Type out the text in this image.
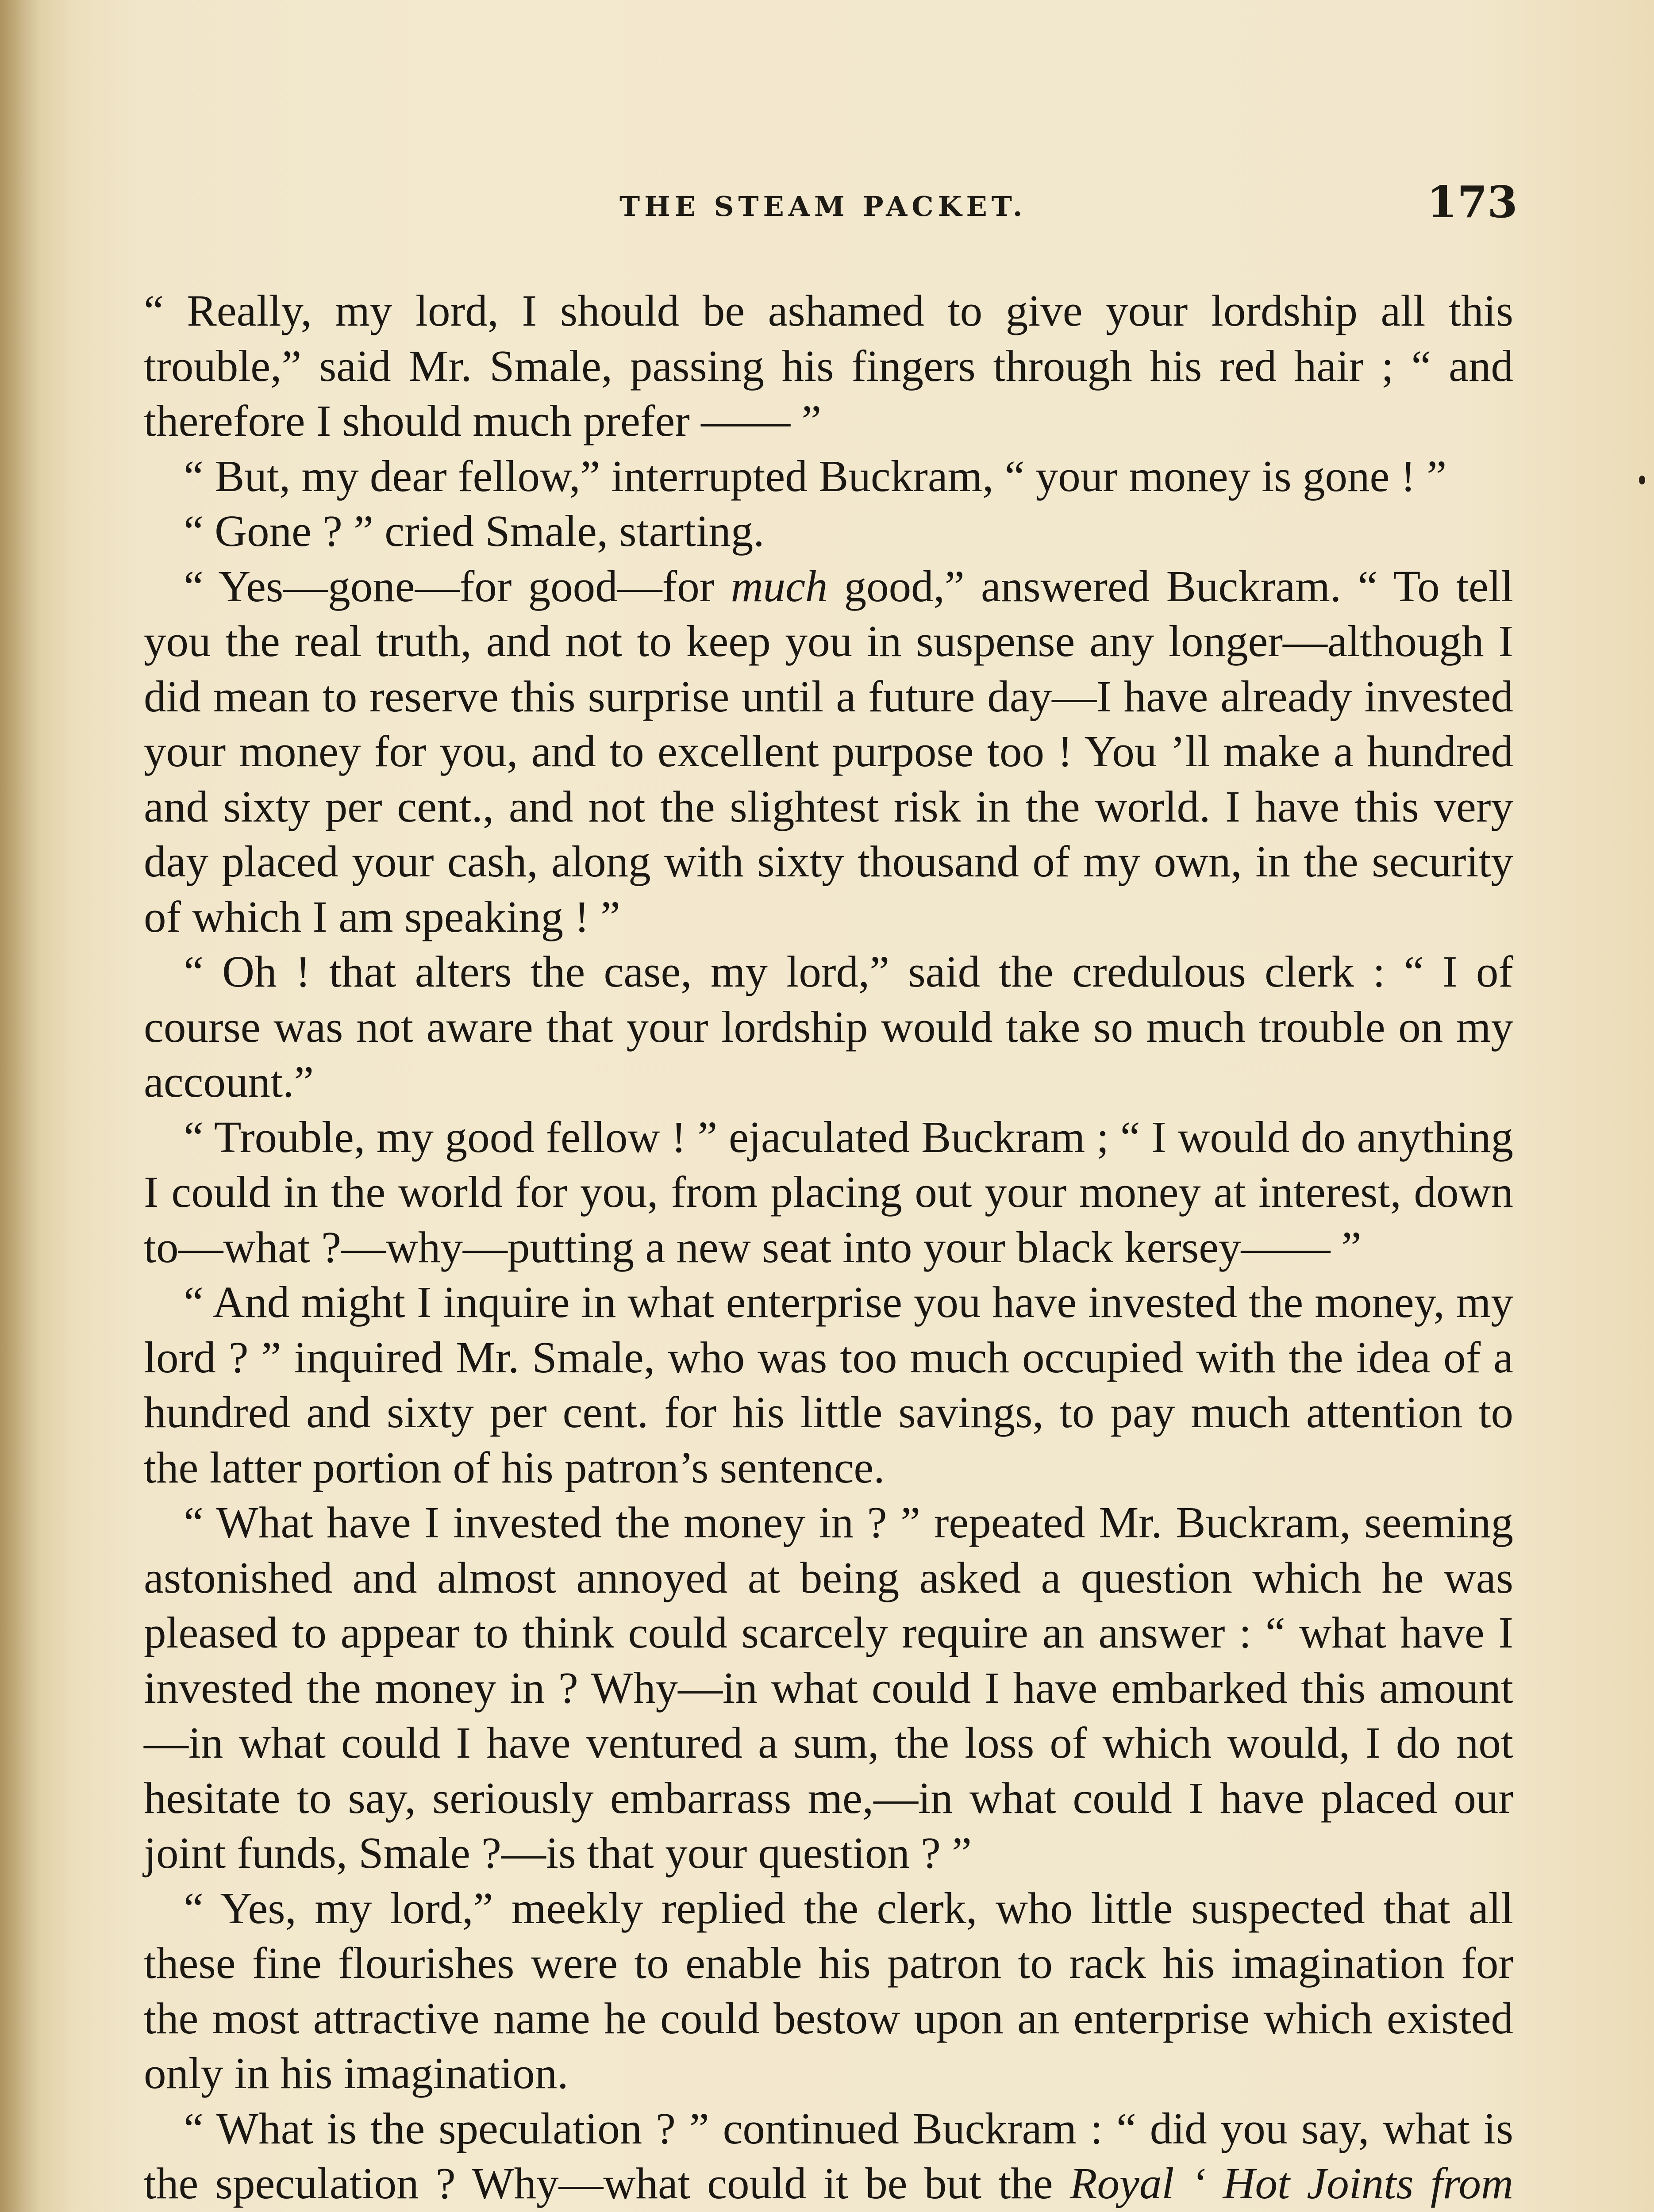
THE STEAM PACKET.	173

“ Really, my lord, I should be ashamed to give your lordship all this trouble,” said Mr. Smale, passing his fingers through his red hair ; “ and therefore I should much prefer —— ”

“ But, my dear fellow,” interrupted Buckram, “ your money is gone ! ”

“ Gone ? ” cried Smale, starting.

“ Yes—gone—for good—for much good,” answered Buckram. “ To tell you the real truth, and not to keep you in suspense any longer—although I did mean to reserve this surprise until a future day—I have already invested your money for you, and to excellent purpose too ! You ’ll make a hundred and sixty per cent., and not the slightest risk in the world. I have this very day placed your cash, along with sixty thousand of my own, in the security of which I am speaking ! ”

“ Oh ! that alters the case, my lord,” said the credulous clerk : “ I of course was not aware that your lordship would take so much trouble on my account.”

“ Trouble, my good fellow ! ” ejaculated Buckram ; “ I would do anything I could in the world for you, from placing out your money at interest, down to—what ?—why—putting a new seat into your black kersey—— ”

“ And might I inquire in what enterprise you have invested the money, my lord ? ” inquired Mr. Smale, who was too much occupied with the idea of a hundred and sixty per cent. for his little savings, to pay much attention to the latter portion of his patron’s sentence.

“ What have I invested the money in ? ” repeated Mr. Buckram, seeming astonished and almost annoyed at being asked a question which he was pleased to appear to think could scarcely require an answer : “ what have I invested the money in ? Why—in what could I have embarked this amount—in what could I have ventured a sum, the loss of which would, I do not hesitate to say, seriously embarrass me,—in what could I have placed our joint funds, Smale ?—is that your question ? ”

“ Yes, my lord,” meekly replied the clerk, who little suspected that all these fine flourishes were to enable his patron to rack his imagination for the most attractive name he could bestow upon an enterprise which existed only in his imagination.

“ What is the speculation ? ” continued Buckram : “ did you say, what is the speculation ? Why—what could it be but the Royal ‘ Hot Joints from
